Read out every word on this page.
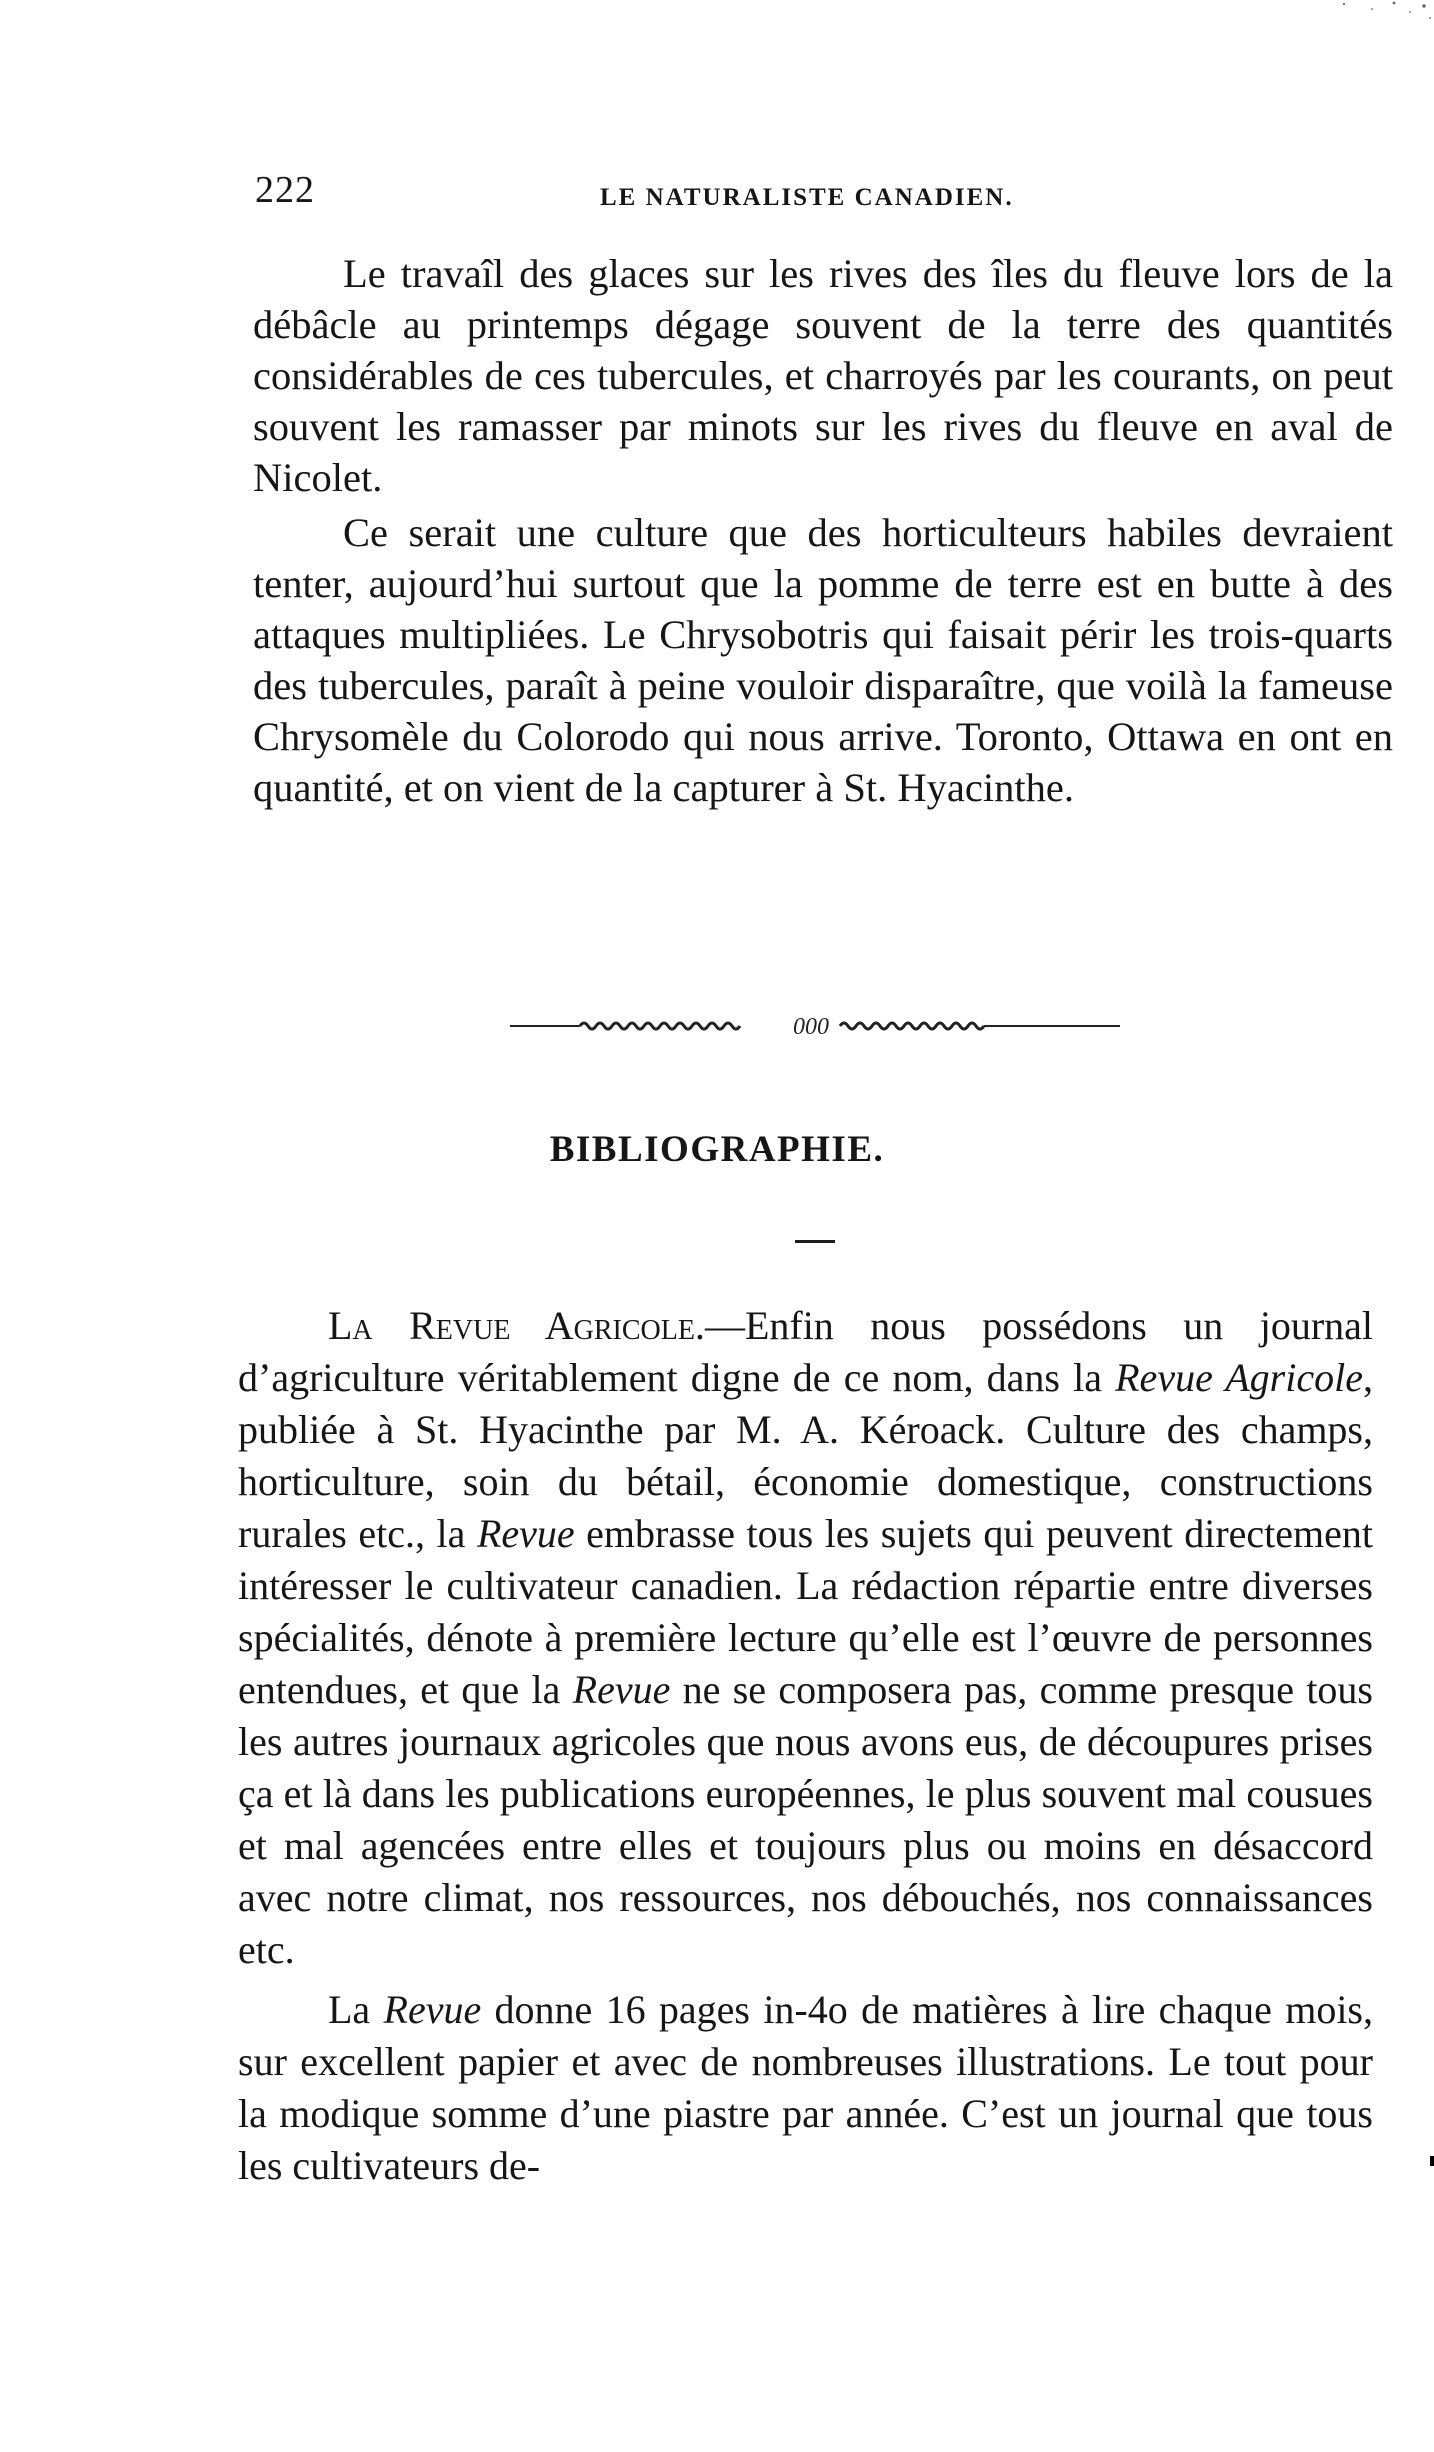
222	LE NATURALISTE CANADIEN.

Le travaîl des glaces sur les rives des îles du fleuve lors de la débâcle au printemps dégage souvent de la terre des quantités considérables de ces tubercules, et charroyés par les courants, on peut souvent les ramasser par minots sur les rives du fleuve en aval de Nicolet.

Ce serait une culture que des horticulteurs habiles devraient tenter, aujourd’hui surtout que la pomme de terre est en butte à des attaques multipliées. Le Chrysobotris qui faisait périr les trois-quarts des tubercules, paraît à peine vouloir disparaître, que voilà la fameuse Chrysomèle du Colorodo qui nous arrive. Toronto, Ottawa en ont en quantité, et on vient de la capturer à St. Hyacinthe.

000
BIBLIOGRAPHIE.

La Revue Agricole.—Enfin nous possédons un journal d’agriculture véritablement digne de ce nom, dans la Revue Agricole, publiée à St. Hyacinthe par M. A. Kéroack. Culture des champs, horticulture, soin du bétail, économie domestique, constructions rurales etc., la Revue embrasse tous les sujets qui peuvent directement intéresser le cultivateur canadien. La rédaction répartie entre diverses spécialités, dénote à première lecture qu’elle est l’œuvre de personnes entendues, et que la Revue ne se composera pas, comme presque tous les autres journaux agricoles que nous avons eus, de découpures prises ça et là dans les publications européennes, le plus souvent mal cousues et mal agencées entre elles et toujours plus ou moins en désaccord avec notre climat, nos ressources, nos débouchés, nos connaissances etc.

La Revue donne 16 pages in-4o de matières à lire chaque mois, sur excellent papier et avec de nombreuses illustrations. Le tout pour la modique somme d’une piastre par année. C’est un journal que tous les cultivateurs de-
